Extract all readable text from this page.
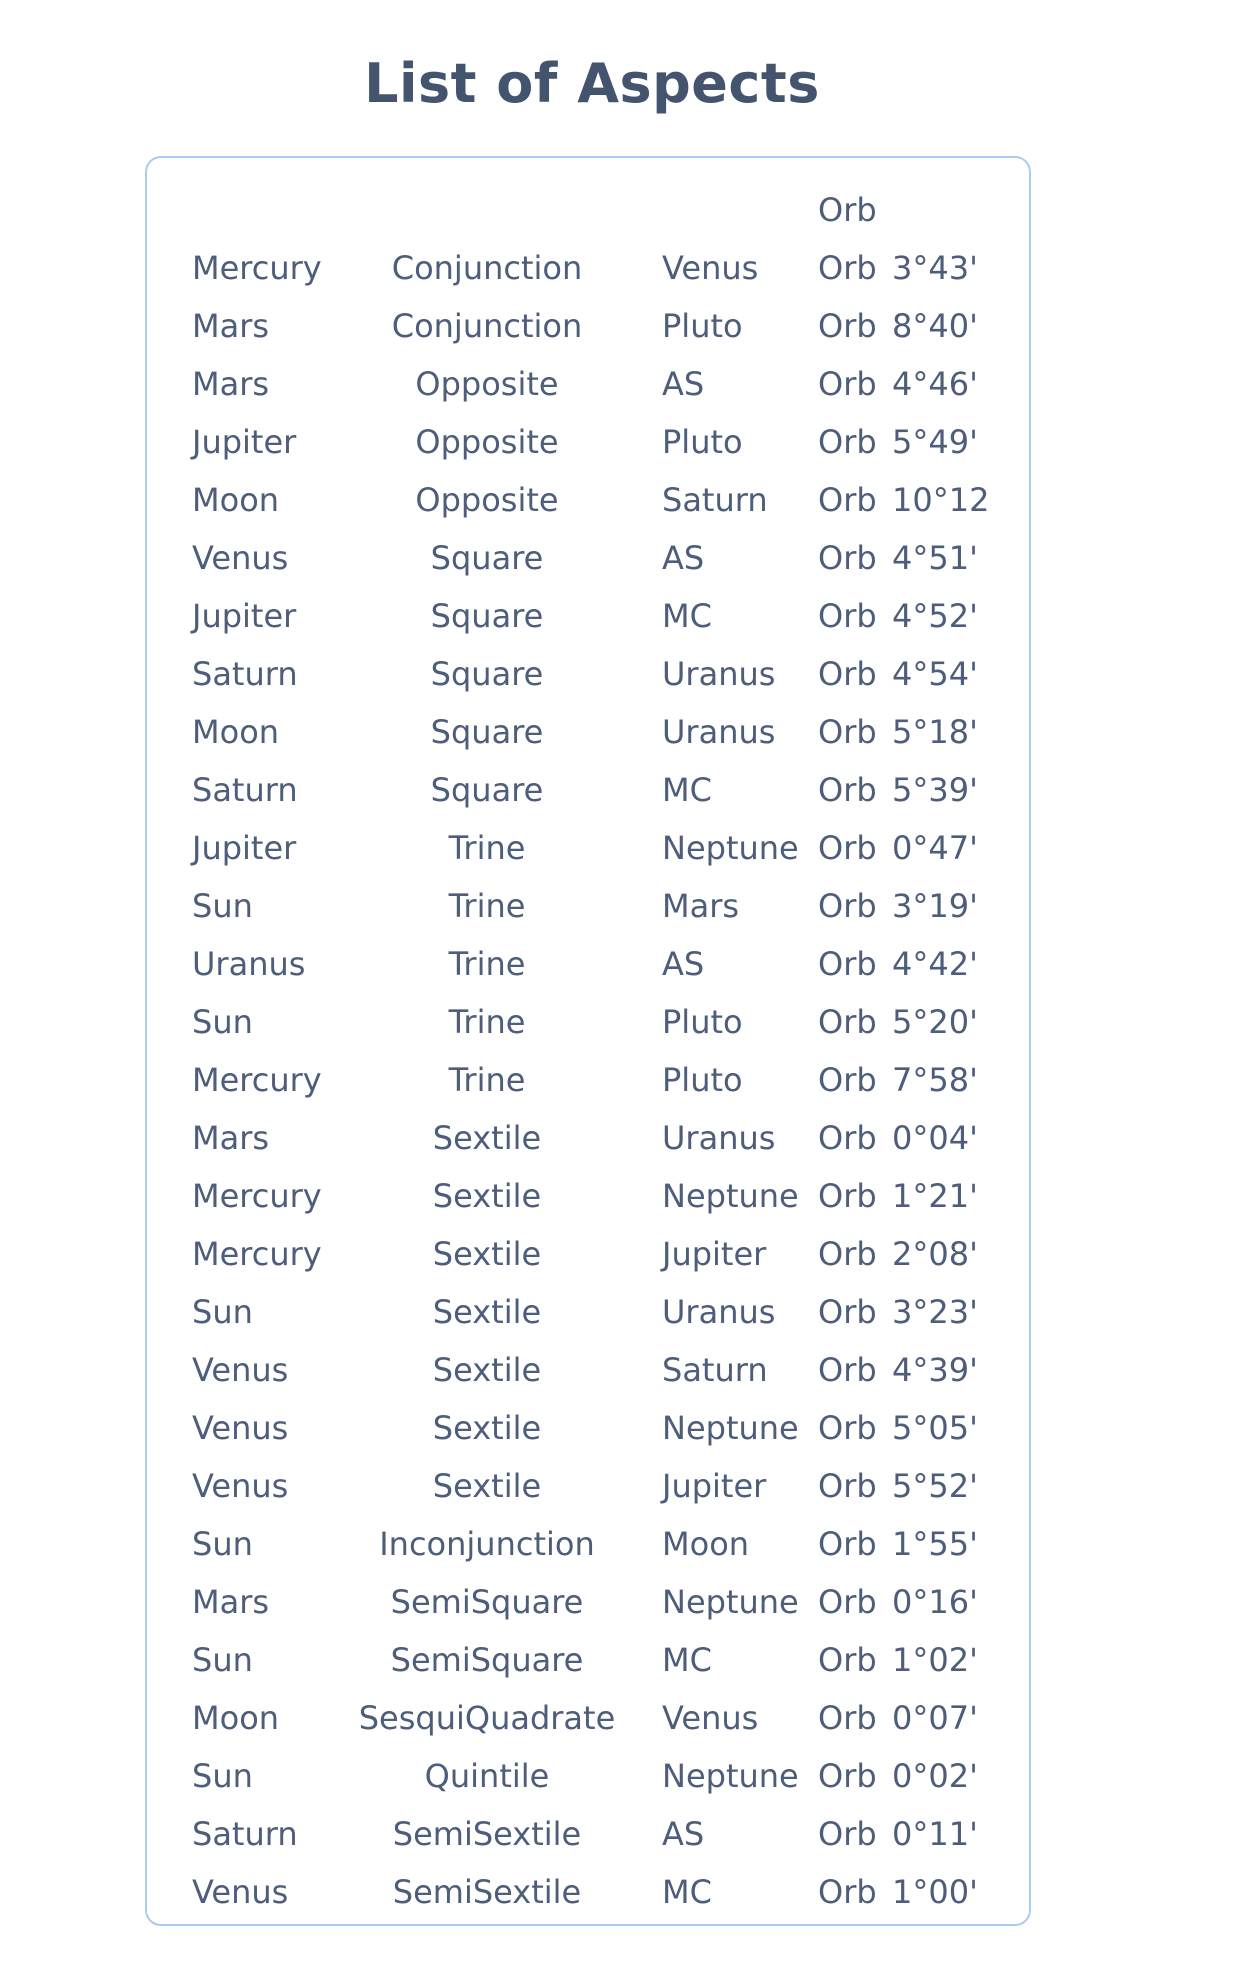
List of Aspects
Orb
Mercury	Conjunction	Venus Orb 3°43'
Mars	Conjunction	Pluto Orb 8°40'
Mars	Opposite	AS	Orb 4°46'
Jupiter	Opposite	Pluto Orb 5°49'
Moon	Opposite	Saturn Orb 10°12
Venus	Square	AS	Orb 4°51'
Jupiter	Square	MC	Orb 4°52'
Saturn	Square	Uranus Orb 4°54'
Moon	Square	Uranus Orb 5°18'
Saturn	Square	MC	Orb 5°39'
Jupiter	Trine	Neptune Orb 0°47'
Sun	Trine	Mars Orb 3°19'
Uranus	Trine	AS	Orb 4°42'
Sun	Trine	Pluto Orb 5°20'
Mercury	Trine	Pluto Orb 7°58'
Mars	Sextile	Uranus Orb 0°04'
Mercury	Sextile	Neptune Orb 1°21'
Mercury	Sextile	Jupiter Orb 2°08'
Sun	Sextile	Uranus Orb 3°23'
Venus	Sextile	Saturn Orb 4°39'
Venus	Sextile	Neptune Orb 5°05'
Venus	Sextile	Jupiter Orb 5°52'
Sun	Inconjunction	Moon Orb 1°55'
Mars	SemiSquare	Neptune Orb 0°16'
Sun	SemiSquare	MC	Orb 1°02'
Moon	SesquiQuadrate	Venus Orb 0°07'
Sun	Quintile	Neptune Orb 0°02'
Saturn	SemiSextile	AS	Orb 0°11'
Venus	SemiSextile	MC	Orb 1°00'
